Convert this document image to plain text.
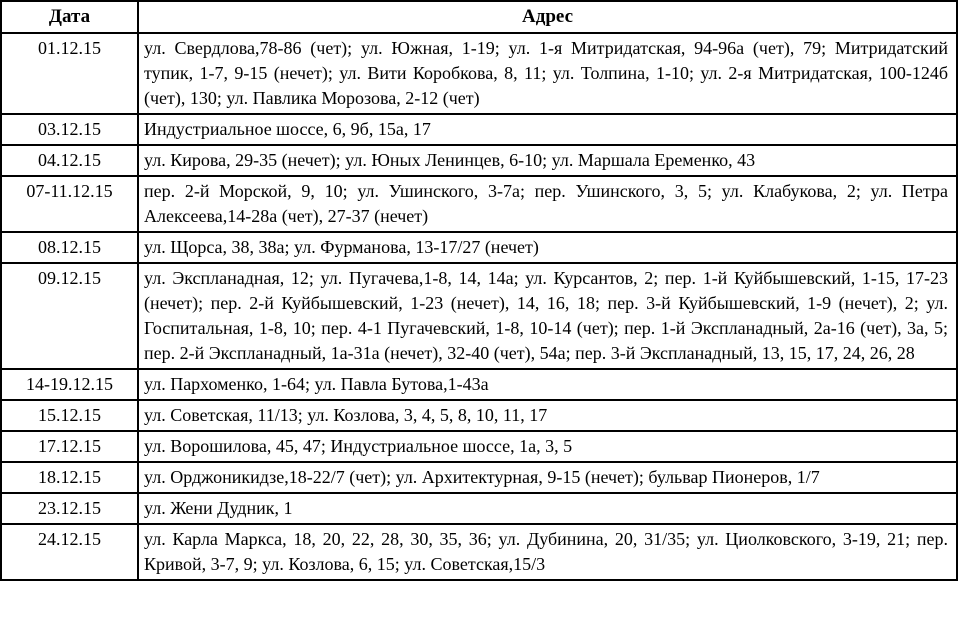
Дата	Адрес
01.12.15	ул. Свердлова,78-86 (чет); ул. Южная, 1-19; ул. 1-я Митридатская, 94-96а (чет), 79; Митридатский тупик, 1-7, 9-15 (нечет); ул. Вити Коробкова, 8, 11; ул. Толпина, 1-10; ул. 2-я Митридатская, 100-124б (чет), 130; ул. Павлика Морозова, 2-12 (чет)
03.12.15	Индустриальное шоссе, 6, 9б, 15а, 17
04.12.15	ул. Кирова, 29-35 (нечет); ул. Юных Ленинцев, 6-10; ул. Маршала Еременко, 43
07-11.12.15	пер. 2-й Морской, 9, 10; ул. Ушинского, 3-7а; пер. Ушинского, 3, 5; ул. Клабукова, 2; ул. Петра Алексеева,14-28а (чет), 27-37 (нечет)
08.12.15	ул. Щорса, 38, 38а; ул. Фурманова, 13-17/27 (нечет)
09.12.15	ул. Экспланадная, 12; ул. Пугачева,1-8, 14, 14а; ул. Курсантов, 2; пер. 1-й Куйбышевский, 1-15, 17-23 (нечет); пер. 2-й Куйбышевский, 1-23 (нечет), 14, 16, 18; пер. 3-й Куйбышевский, 1-9 (нечет), 2; ул. Госпитальная, 1-8, 10; пер. 4-1 Пугачевский, 1-8, 10-14 (чет); пер. 1-й Экспланадный, 2а-16 (чет), 3а, 5; пер. 2-й Экспланадный, 1а-31а (нечет), 32-40 (чет), 54а; пер. 3-й Экспланадный, 13, 15, 17, 24, 26, 28
14-19.12.15	ул. Пархоменко, 1-64; ул. Павла Бутова,1-43а
15.12.15	ул. Советская, 11/13; ул. Козлова, 3, 4, 5, 8, 10, 11, 17
17.12.15	ул. Ворошилова, 45, 47; Индустриальное шоссе, 1а, 3, 5
18.12.15	ул. Орджоникидзе,18-22/7 (чет); ул. Архитектурная, 9-15 (нечет); бульвар Пионеров, 1/7
23.12.15	ул. Жени Дудник, 1
24.12.15	ул. Карла Маркса, 18, 20, 22, 28, 30, 35, 36; ул. Дубинина, 20, 31/35; ул. Циолковского, 3-19, 21; пер. Кривой, 3-7, 9; ул. Козлова, 6, 15; ул. Советская,15/3
